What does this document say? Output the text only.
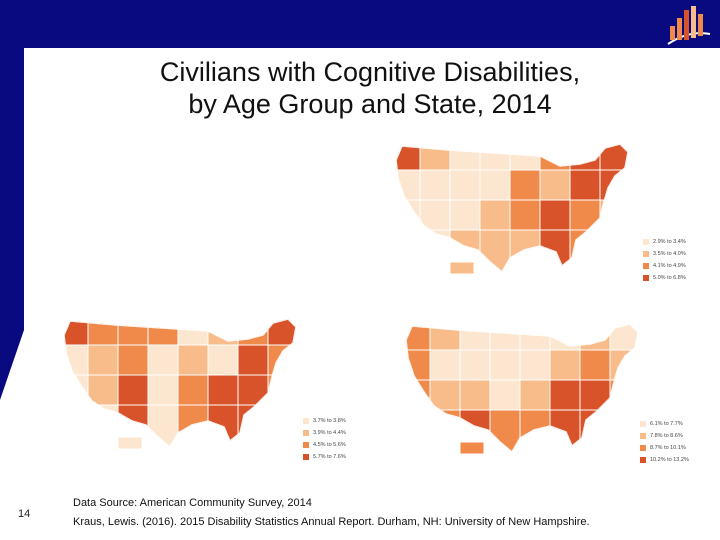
Civilians with Cognitive Disabilities,
by Age Group and State, 2014
2.9% to 3.4%
3.5% to 4.0%
4.1% to 4.9%
5.0% to 6.8%
3.7% to 3.8%
3.9% to 4.4%
4.5% to 5.6%
5.7% to 7.6%
6.1% to 7.7%
7.8% to 8.6%
8.7% to 10.1%
10.2% to 13.2%
14
Data Source: American Community Survey, 2014
Kraus, Lewis. (2016). 2015 Disability Statistics Annual Report. Durham, NH: University of New Hampshire.
